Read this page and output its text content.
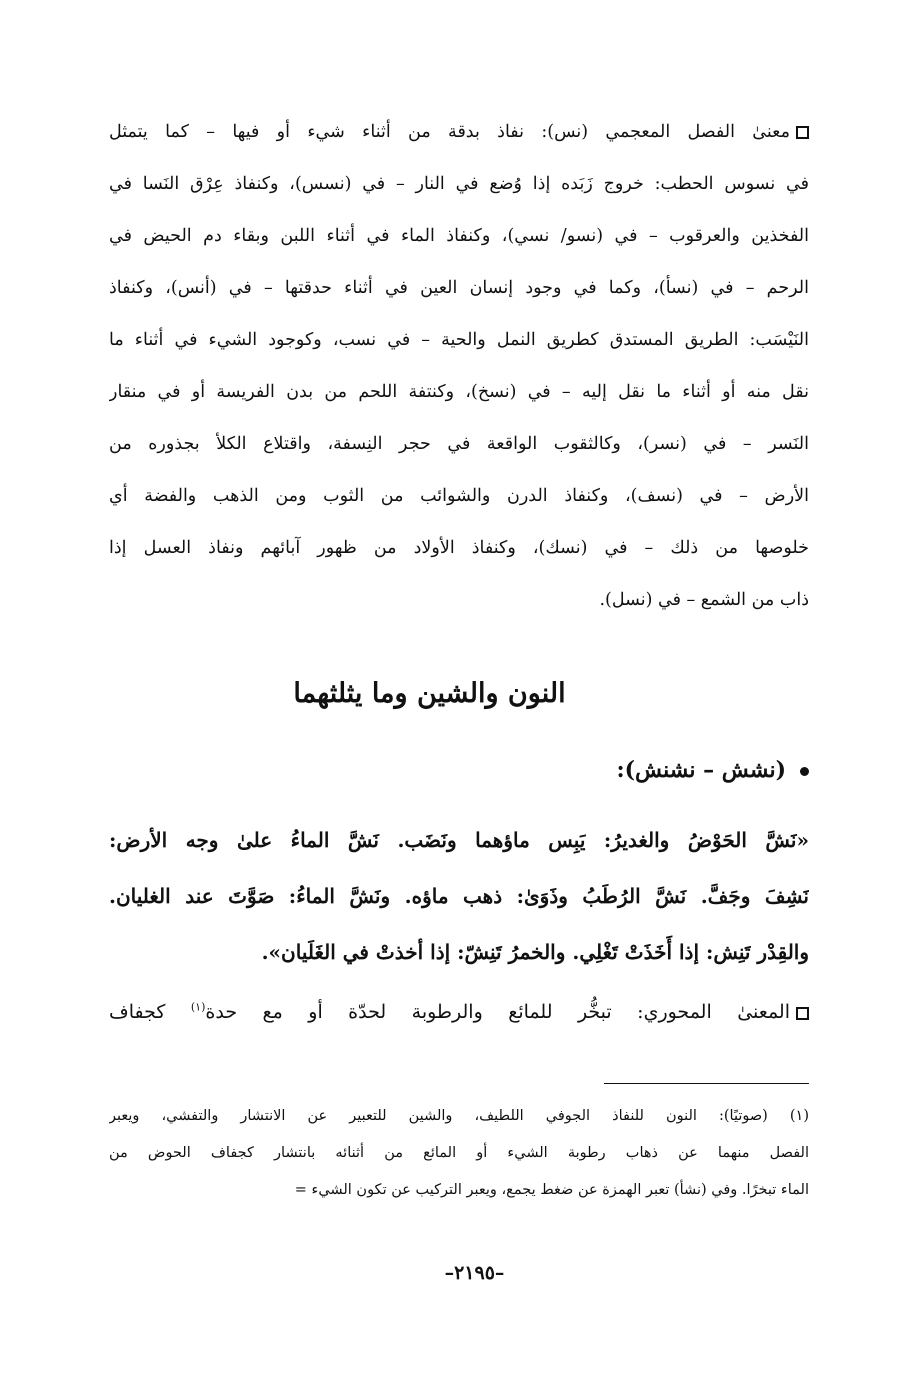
معنىٰ الفصل المعجمي (نس): نفاذ بدقة من أثناء شيء أو فيها – كما يتمثل
في نسوس الحطب: خروج زَبَده إذا وُضع في النار – في (نسس)، وكنفاذ عِرْق النَسا في
الفخذين والعرقوب – في (نسو/ نسي)، وكنفاذ الماء في أثناء اللبن وبقاء دم الحيض في
الرحم – في (نسأ)، وكما في وجود إنسان العين في أثناء حدقتها – في (أنس)، وكنفاذ
النَيْسَب: الطريق المستدق كطريق النمل والحية – في نسب، وكوجود الشيء في أثناء ما
نقل منه أو أثناء ما نقل إليه – في (نسخ)، وكنتفة اللحم من بدن الفريسة أو في منقار
النَسر – في (نسر)، وكالثقوب الواقعة في حجر النِسفة، واقتلاع الكلأ بجذوره من
الأرض – في (نسف)، وكنفاذ الدرن والشوائب من الثوب ومن الذهب والفضة أي
خلوصها من ذلك – في (نسك)، وكنفاذ الأولاد من ظهور آبائهم ونفاذ العسل إذا
ذاب من الشمع – في (نسل).
النون والشين وما يثلثهما
(نشش – نشنش):
«نَشَّ الحَوْضُ والغديرُ: يَبِس ماؤهما ونَضَب. نَشَّ الماءُ علىٰ وجه الأرض:
نَشِفَ وجَفَّ. نَشَّ الرُطَبُ وذَوَىٰ: ذهب ماؤه. ونَشَّ الماءُ: صَوَّتَ عند الغليان.
والقِدْر تَنِش: إذا أَخَذَتْ تَغْلِي. والخمرُ تَنِشّ: إذا أخذتْ في الغَلَيان».
المعنىٰ المحوري: تبخُّر للمائع والرطوبة لحدّة أو مع حدة$^{(١)}$ كجفاف
(١) (صوتيًا): النون للنفاذ الجوفي اللطيف، والشين للتعبير عن الانتشار والتفشي، ويعبر
الفصل منهما عن ذهاب رطوبة الشيء أو المائع من أثنائه بانتشار كجفاف الحوض من
الماء تبخرًا. وفي (نشأ) تعبر الهمزة عن ضغط يجمع، ويعبر التركيب عن تكون الشيء =
–٢١٩٥–
